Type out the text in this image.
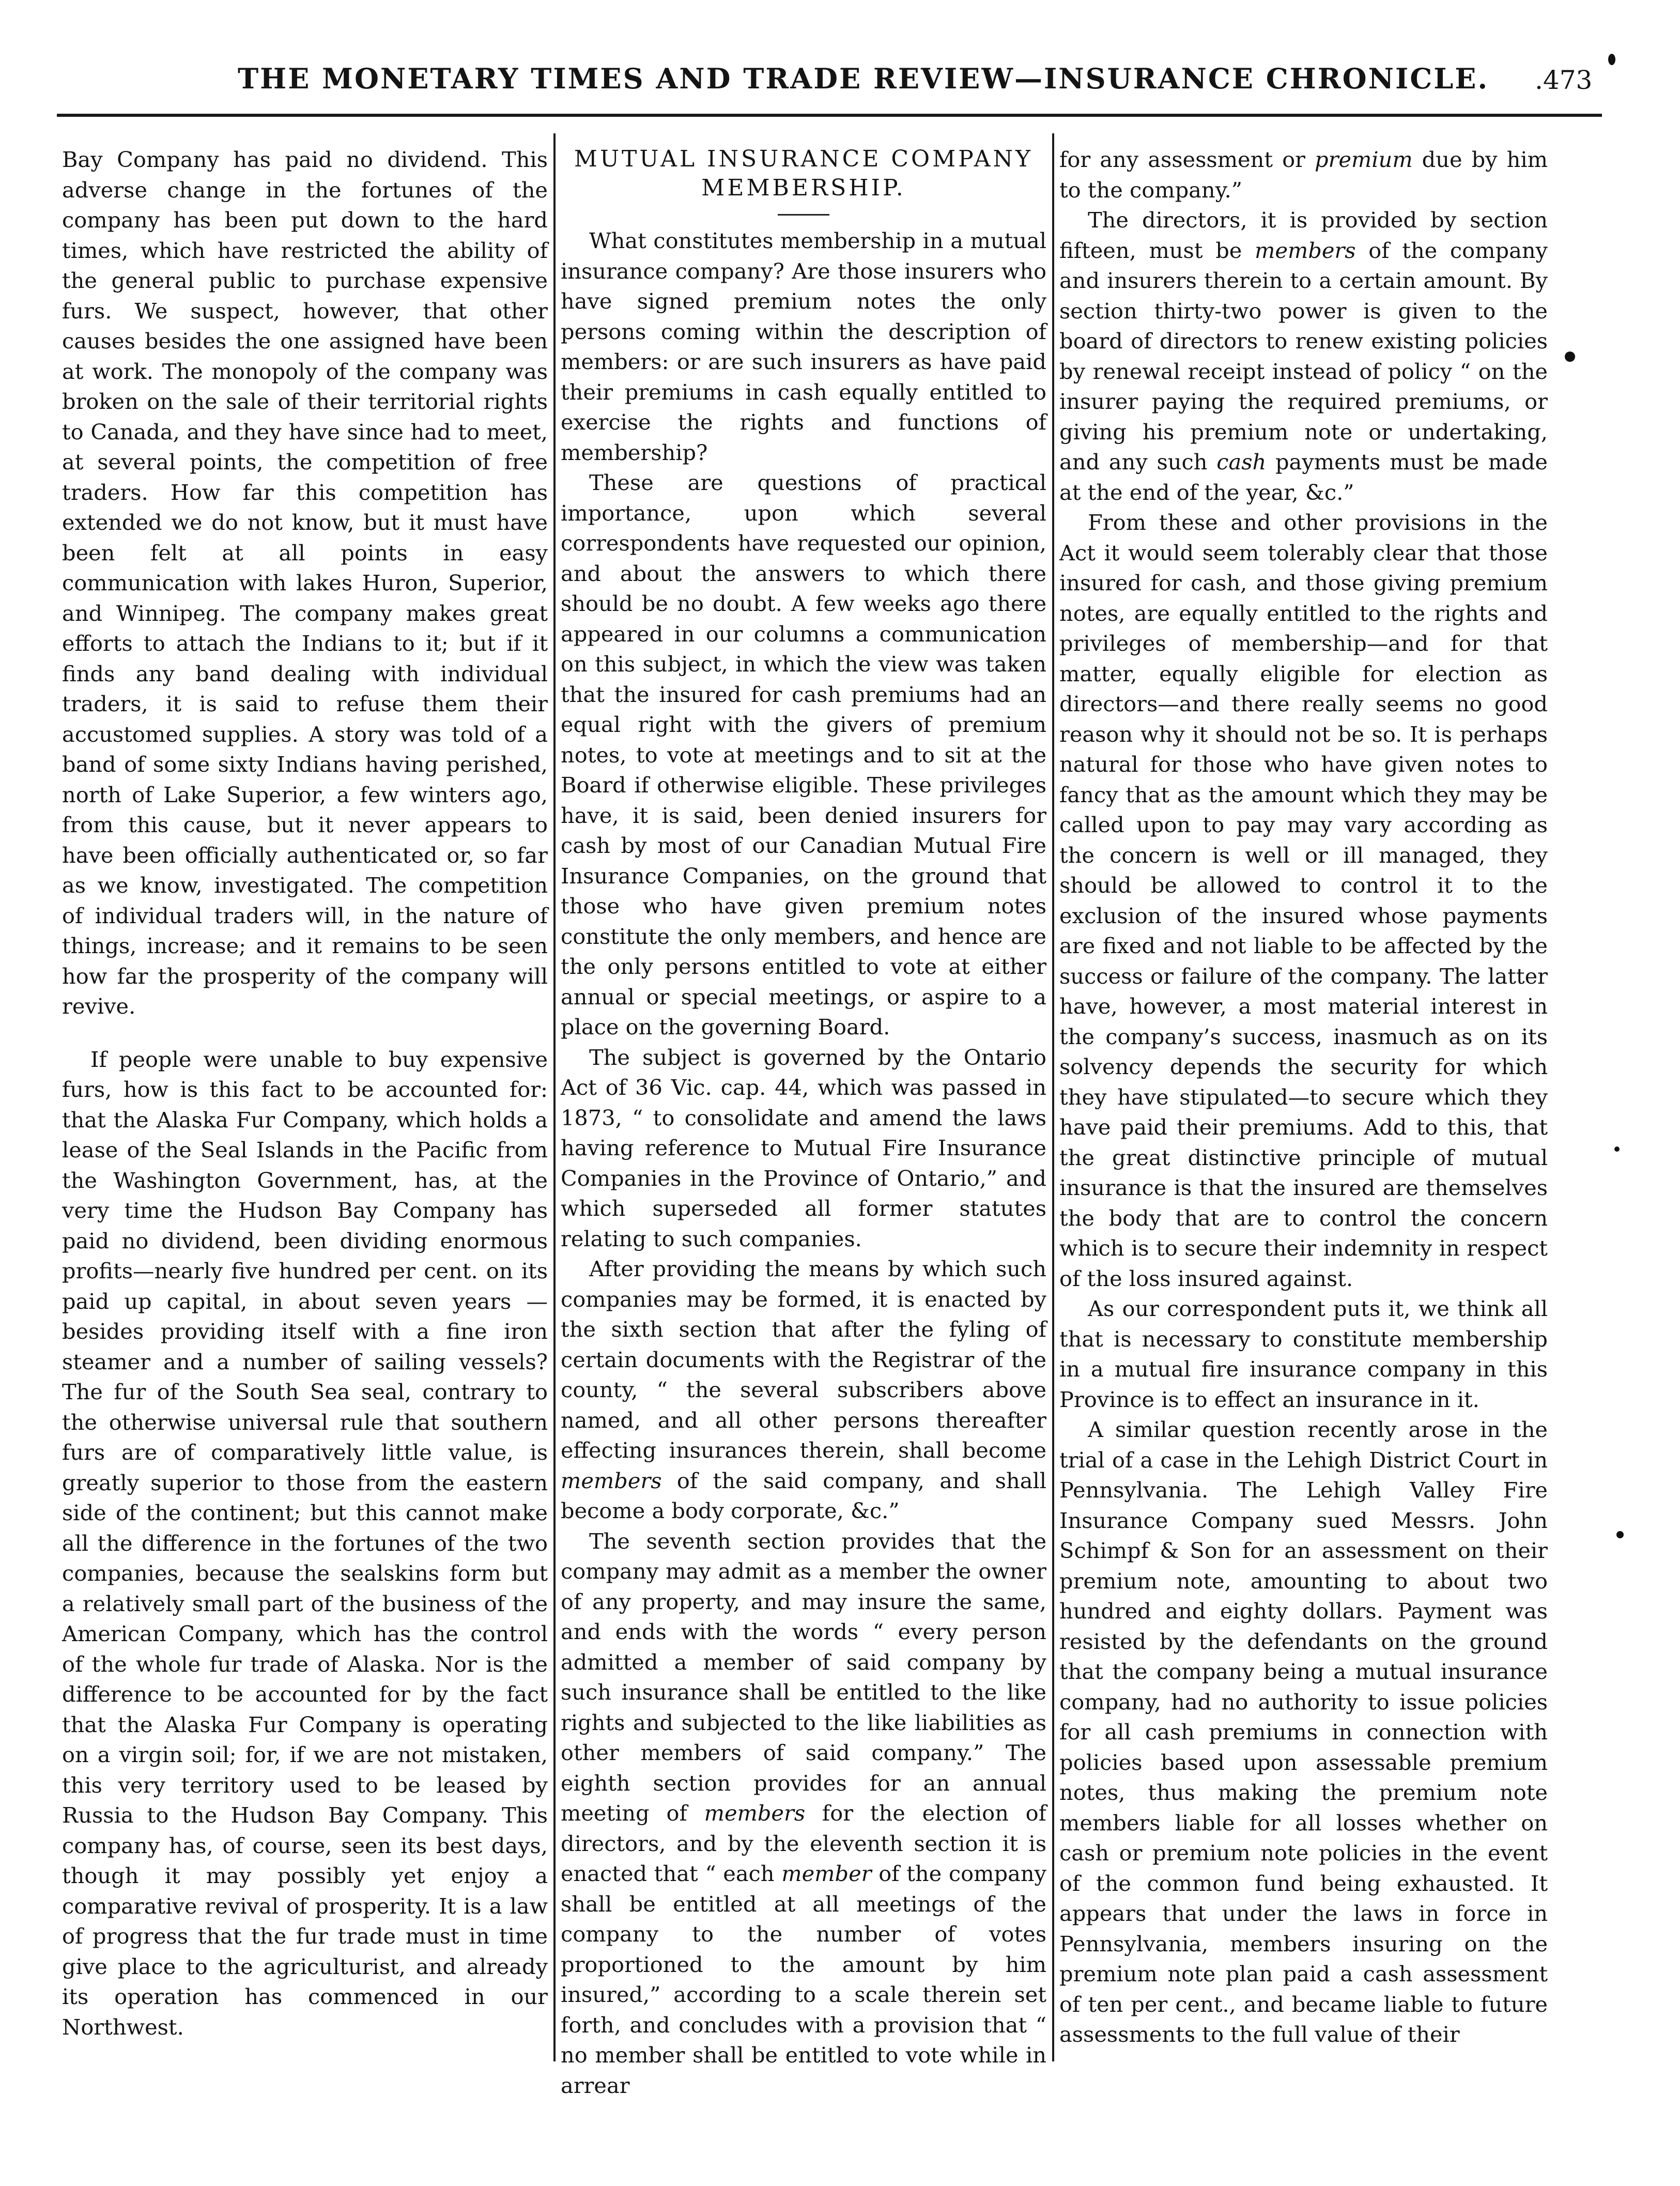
THE MONETARY TIMES AND TRADE REVIEW—INSURANCE CHRONICLE. .473

Bay Company has paid no dividend. This adverse change in the fortunes of the company has been put down to the hard times, which have restricted the ability of the general public to purchase expensive furs. We suspect, however, that other causes besides the one assigned have been at work. The monopoly of the company was broken on the sale of their territorial rights to Canada, and they have since had to meet, at several points, the competition of free traders. How far this competition has extended we do not know, but it must have been felt at all points in easy communication with lakes Huron, Superior, and Winnipeg. The company makes great efforts to attach the Indians to it; but if it finds any band dealing with individual traders, it is said to refuse them their accustomed supplies. A story was told of a band of some sixty Indians having perished, north of Lake Superior, a few winters ago, from this cause, but it never appears to have been officially authenticated or, so far as we know, investigated. The competition of individual traders will, in the nature of things, increase; and it remains to be seen how far the prosperity of the company will revive.

If people were unable to buy expensive furs, how is this fact to be accounted for: that the Alaska Fur Company, which holds a lease of the Seal Islands in the Pacific from the Washington Government, has, at the very time the Hudson Bay Company has paid no dividend, been dividing enormous profits—nearly five hundred per cent. on its paid up capital, in about seven years —besides providing itself with a fine iron steamer and a number of sailing vessels? The fur of the South Sea seal, contrary to the otherwise universal rule that southern furs are of comparatively little value, is greatly superior to those from the eastern side of the continent; but this cannot make all the difference in the fortunes of the two companies, because the sealskins form but a relatively small part of the business of the American Company, which has the control of the whole fur trade of Alaska. Nor is the difference to be accounted for by the fact that the Alaska Fur Company is operating on a virgin soil; for, if we are not mistaken, this very territory used to be leased by Russia to the Hudson Bay Company. This company has, of course, seen its best days, though it may possibly yet enjoy a comparative revival of prosperity. It is a law of progress that the fur trade must in time give place to the agriculturist, and already its operation has commenced in our Northwest.

MUTUAL INSURANCE COMPANY MEMBERSHIP.

What constitutes membership in a mutual insurance company? Are those insurers who have signed premium notes the only persons coming within the description of members: or are such insurers as have paid their premiums in cash equally entitled to exercise the rights and functions of membership?

These are questions of practical importance, upon which several correspondents have requested our opinion, and about the answers to which there should be no doubt. A few weeks ago there appeared in our columns a communication on this subject, in which the view was taken that the insured for cash premiums had an equal right with the givers of premium notes, to vote at meetings and to sit at the Board if otherwise eligible. These privileges have, it is said, been denied insurers for cash by most of our Canadian Mutual Fire Insurance Companies, on the ground that those who have given premium notes constitute the only members, and hence are the only persons entitled to vote at either annual or special meetings, or aspire to a place on the governing Board.

The subject is governed by the Ontario Act of 36 Vic. cap. 44, which was passed in 1873, “ to consolidate and amend the laws having reference to Mutual Fire Insurance Companies in the Province of Ontario,” and which superseded all former statutes relating to such companies.

After providing the means by which such companies may be formed, it is enacted by the sixth section that after the fyling of certain documents with the Registrar of the county, “ the several subscribers above named, and all other persons thereafter effecting insurances therein, shall become members of the said company, and shall become a body corporate, &c.”

The seventh section provides that the company may admit as a member the owner of any property, and may insure the same, and ends with the words “ every person admitted a member of said company by such insurance shall be entitled to the like rights and subjected to the like liabilities as other members of said company.” The eighth section provides for an annual meeting of members for the election of directors, and by the eleventh section it is enacted that “ each member of the company shall be entitled at all meetings of the company to the number of votes proportioned to the amount by him insured,” according to a scale therein set forth, and concludes with a provision that “ no member shall be entitled to vote while in arrear

for any assessment or premium due by him to the company.”

The directors, it is provided by section fifteen, must be members of the company and insurers therein to a certain amount. By section thirty-two power is given to the board of directors to renew existing policies by renewal receipt instead of policy “ on the insurer paying the required premiums, or giving his premium note or undertaking, and any such cash payments must be made at the end of the year, &c.”

From these and other provisions in the Act it would seem tolerably clear that those insured for cash, and those giving premium notes, are equally entitled to the rights and privileges of membership—and for that matter, equally eligible for election as directors—and there really seems no good reason why it should not be so. It is perhaps natural for those who have given notes to fancy that as the amount which they may be called upon to pay may vary according as the concern is well or ill managed, they should be allowed to control it to the exclusion of the insured whose payments are fixed and not liable to be affected by the success or failure of the company. The latter have, however, a most material interest in the company’s success, inasmuch as on its solvency depends the security for which they have stipulated—to secure which they have paid their premiums. Add to this, that the great distinctive principle of mutual insurance is that the insured are themselves the body that are to control the concern which is to secure their indemnity in respect of the loss insured against.

As our correspondent puts it, we think all that is necessary to constitute membership in a mutual fire insurance company in this Province is to effect an insurance in it.

A similar question recently arose in the trial of a case in the Lehigh District Court in Pennsylvania. The Lehigh Valley Fire Insurance Company sued Messrs. John Schimpf & Son for an assessment on their premium note, amounting to about two hundred and eighty dollars. Payment was resisted by the defendants on the ground that the company being a mutual insurance company, had no authority to issue policies for all cash premiums in connection with policies based upon assessable premium notes, thus making the premium note members liable for all losses whether on cash or premium note policies in the event of the common fund being exhausted. It appears that under the laws in force in Pennsylvania, members insuring on the premium note plan paid a cash assessment of ten per cent., and became liable to future assessments to the full value of their
